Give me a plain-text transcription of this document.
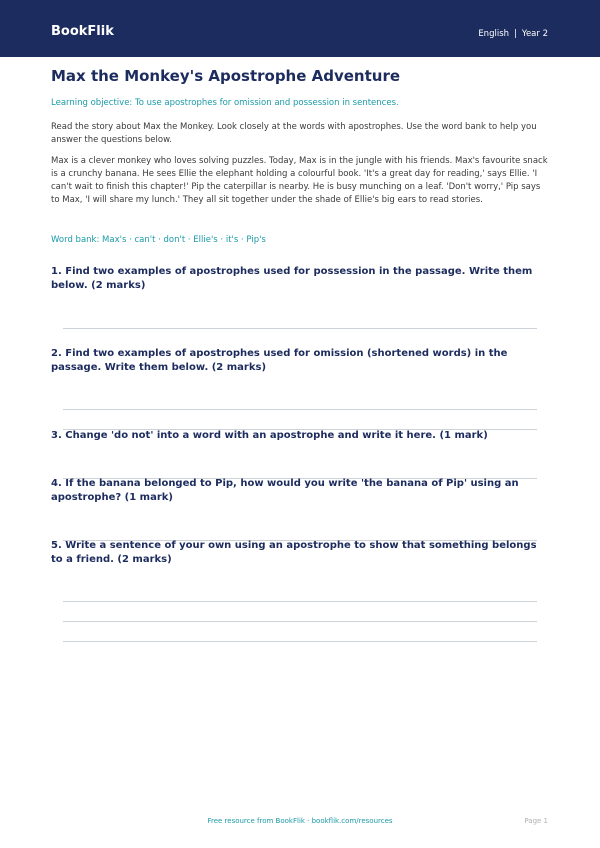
BookFlik	English | Year 2
Max the Monkey's Apostrophe Adventure
Learning objective: To use apostrophes for omission and possession in sentences.

Read the story about Max the Monkey. Look closely at the words with apostrophes. Use the word bank to help you answer the questions below.

Max is a clever monkey who loves solving puzzles. Today, Max is in the jungle with his friends. Max's favourite snack is a crunchy banana. He sees Ellie the elephant holding a colourful book. 'It's a great day for reading,' says Ellie. 'I can't wait to finish this chapter!' Pip the caterpillar is nearby. He is busy munching on a leaf. 'Don't worry,' Pip says to Max, 'I will share my lunch.' They all sit together under the shade of Ellie's big ears to read stories.

Word bank: Max's · can't · don't · Ellie's · it's · Pip's

1. Find two examples of apostrophes used for possession in the passage. Write them below. (2 marks)

2. Find two examples of apostrophes used for omission (shortened words) in the passage. Write them below. (2 marks)

3. Change 'do not' into a word with an apostrophe and write it here. (1 mark)

4. If the banana belonged to Pip, how would you write 'the banana of Pip' using an apostrophe? (1 mark)

5. Write a sentence of your own using an apostrophe to show that something belongs to a friend. (2 marks)

Free resource from BookFlik · bookflik.com/resources	Page 1
